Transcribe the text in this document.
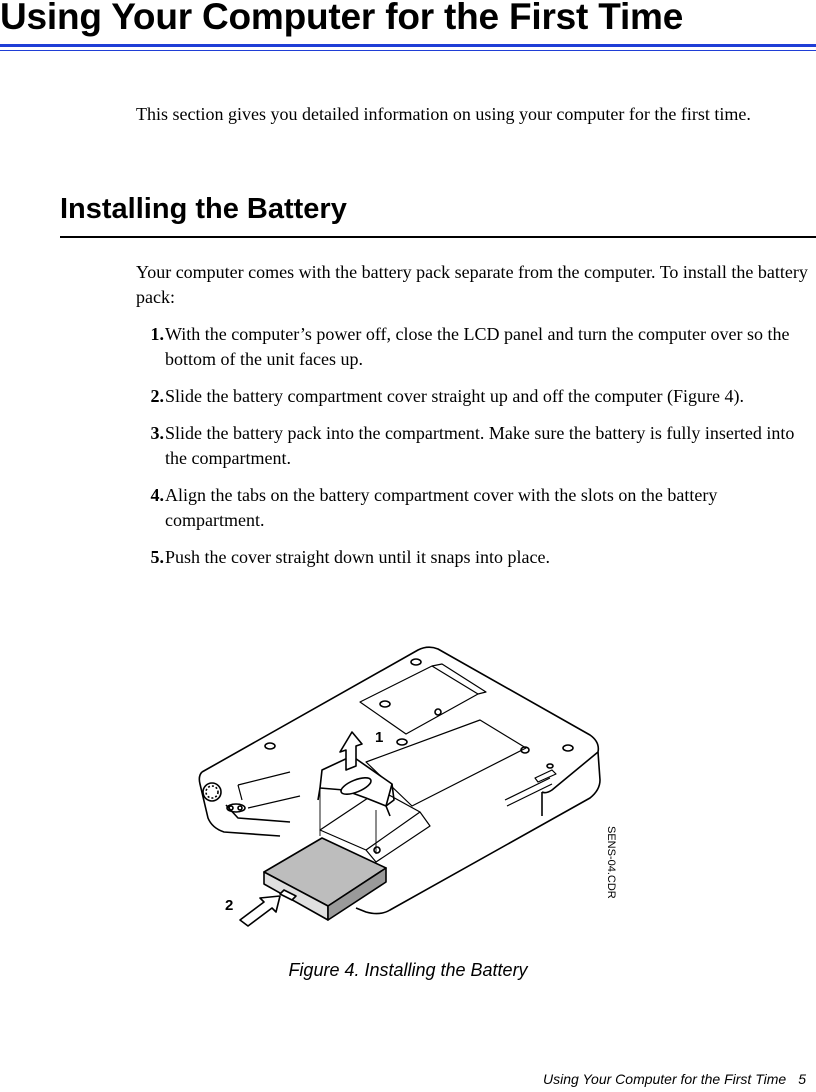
Using Your Computer for the First Time

This section gives you detailed information on using your computer for the first time.

Installing the Battery

Your computer comes with the battery pack separate from the computer. To install the battery pack:

1. With the computer’s power off, close the LCD panel and turn the computer over so the bottom of the unit faces up.
2. Slide the battery compartment cover straight up and off the computer (Figure 4).
3. Slide the battery pack into the compartment. Make sure the battery is fully inserted into the compartment.
4. Align the tabs on the battery compartment cover with the slots on the battery compartment.
5. Push the cover straight down until it snaps into place.
1
2
SENS-04.CDR

Figure 4. Installing the Battery

Using Your Computer for the First Time 5
